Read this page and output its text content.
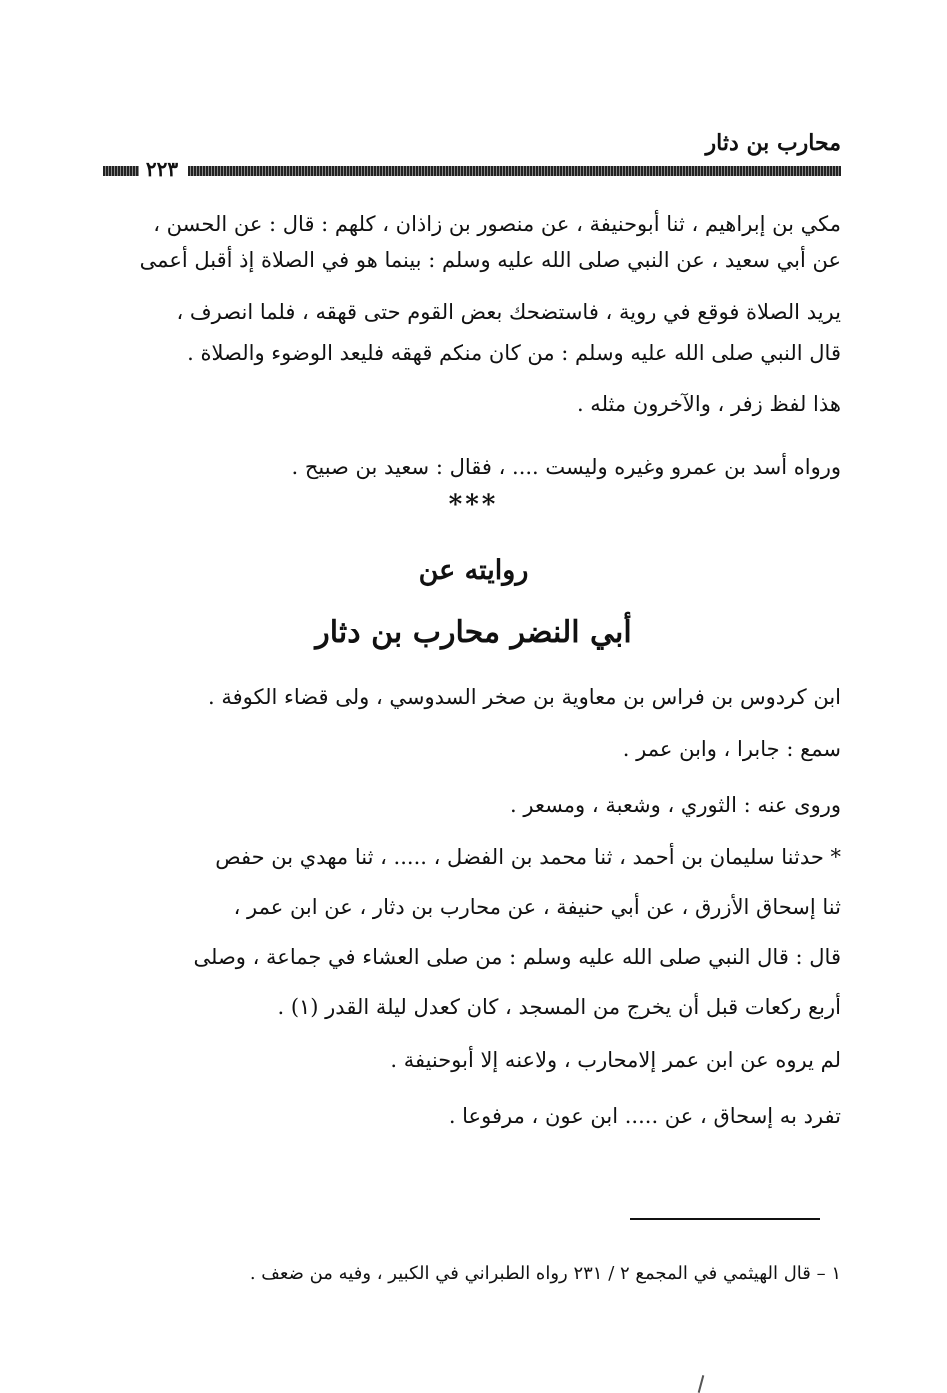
محارب بن دثار
٢٢٣
مكي بن إبراهيم ، ثنا أبوحنيفة ، عن منصور بن زاذان ، كلهم : قال : عن الحسن ،
عن أبي سعيد ، عن النبي صلى الله عليه وسلم : بينما هو في الصلاة إذ أقبل أعمى
يريد الصلاة فوقع في روية ، فاستضحك بعض القوم حتى قهقه ، فلما انصرف ،
قال النبي صلى الله عليه وسلم : من كان منكم قهقه فليعد الوضوء والصلاة .
هذا لفظ زفر ، والآخرون مثله .
ورواه أسد بن عمرو وغيره وليست .... ، فقال : سعيد بن صبيح .
***
روايته عن
أبي النضر محارب بن دثار
ابن كردوس بن فراس بن معاوية بن صخر السدوسي ، ولى قضاء الكوفة .
سمع : جابرا ، وابن عمر .
وروى عنه : الثوري ، وشعبة ، ومسعر .
* حدثنا سليمان بن أحمد ، ثنا محمد بن الفضل ، ..... ، ثنا مهدي بن حفص
ثنا إسحاق الأزرق ، عن أبي حنيفة ، عن محارب بن دثار ، عن ابن عمر ،
قال : قال النبي صلى الله عليه وسلم : من صلى العشاء في جماعة ، وصلى
أربع ركعات قبل أن يخرج من المسجد ، كان كعدل ليلة القدر (١) .
لم يروه عن ابن عمر إلامحارب ، ولاعنه إلا أبوحنيفة .
تفرد به إسحاق ، عن ..... ابن عون ، مرفوعا .
١ – قال الهيثمي في المجمع ٢ / ٢٣١ رواه الطبراني في الكبير ، وفيه من ضعف .
